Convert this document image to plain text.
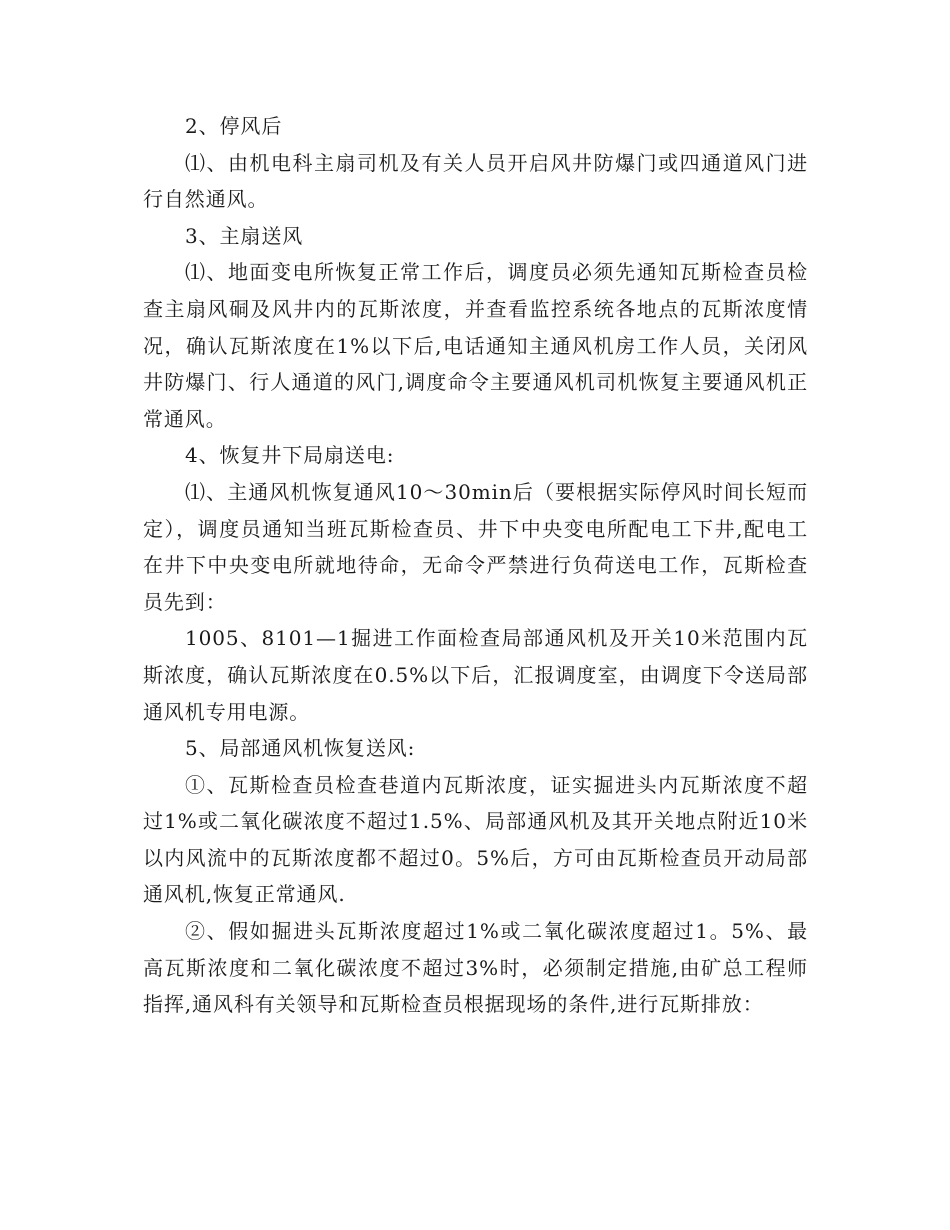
2、停风后

⑴、由机电科主扇司机及有关人员开启风井防爆门或四通道风门进行自然通风。

3、主扇送风

⑴、地面变电所恢复正常工作后，调度员必须先通知瓦斯检查员检查主扇风硐及风井内的瓦斯浓度，并查看监控系统各地点的瓦斯浓度情况，确认瓦斯浓度在1%以下后,电话通知主通风机房工作人员，关闭风井防爆门、行人通道的风门,调度命令主要通风机司机恢复主要通风机正常通风。

4、恢复井下局扇送电:

⑴、主通风机恢复通风10～30min后（要根据实际停风时间长短而定），调度员通知当班瓦斯检查员、井下中央变电所配电工下井,配电工在井下中央变电所就地待命，无命令严禁进行负荷送电工作，瓦斯检查员先到：

1005、8101—1掘进工作面检查局部通风机及开关10米范围内瓦斯浓度，确认瓦斯浓度在0.5%以下后，汇报调度室，由调度下令送局部通风机专用电源。

5、局部通风机恢复送风:

①、瓦斯检查员检查巷道内瓦斯浓度，证实掘进头内瓦斯浓度不超过1%或二氧化碳浓度不超过1.5%、局部通风机及其开关地点附近10米以内风流中的瓦斯浓度都不超过0。5%后，方可由瓦斯检查员开动局部通风机,恢复正常通风.

②、假如掘进头瓦斯浓度超过1%或二氧化碳浓度超过1。5%、最高瓦斯浓度和二氧化碳浓度不超过3%时，必须制定措施,由矿总工程师指挥,通风科有关领导和瓦斯检查员根据现场的条件,进行瓦斯排放：
